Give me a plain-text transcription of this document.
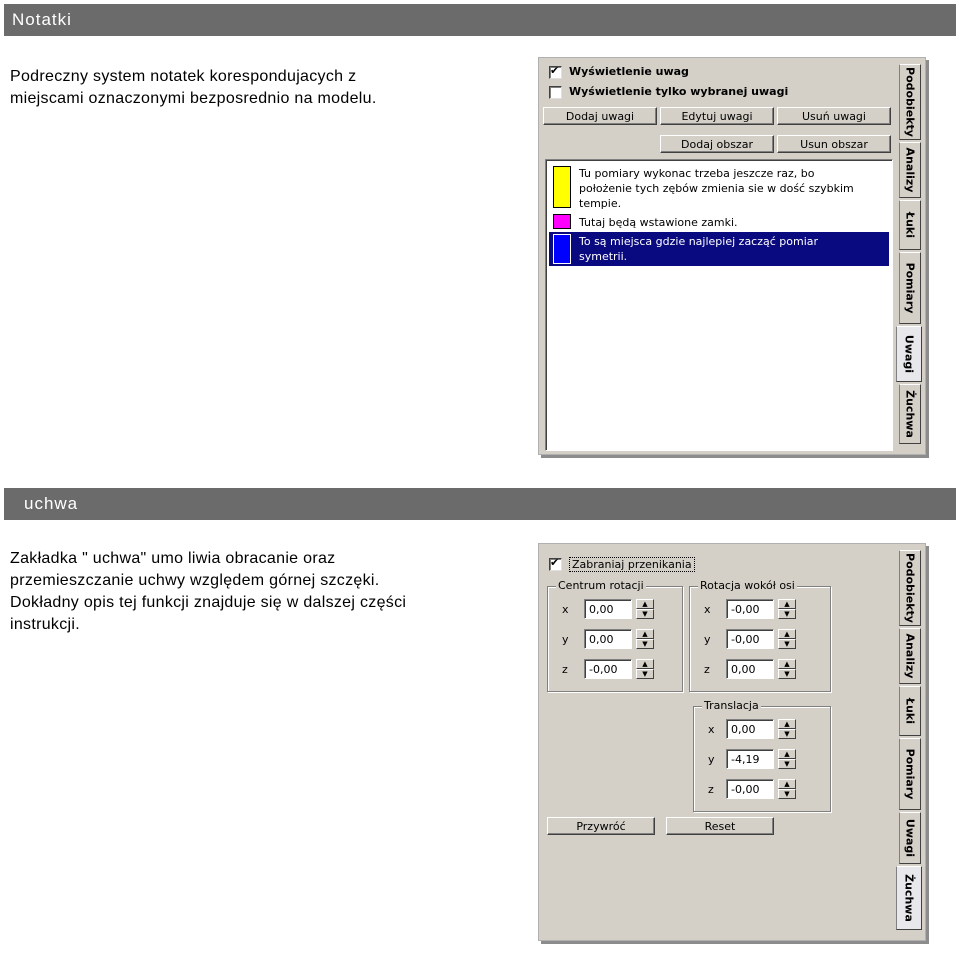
Notatki
Podreczny system notatek korespondujacych z
miejscami oznaczonymi bezposrednio na modelu.
✔
Wyświetlenie uwag
Wyświetlenie tylko wybranej uwagi
Dodaj uwagi	Edytuj uwagi	Usuń uwagi
Dodaj obszar	Usun obszar
Tu pomiary wykonac trzeba jeszcze raz, bo
położenie tych zębów zmienia sie w dość szybkim
tempie.
Tutaj będą wstawione zamki.
To są miejsca gdzie najlepiej zacząć pomiar
symetrii.
Podobiekty
Analizy
Łuki
Pomiary
Uwagi
Żuchwa
uchwa
Zakładka " uchwa" umo liwia obracanie oraz
przemieszczanie uchwy względem górnej szczęki.
Dokładny opis tej funkcji znajduje się w dalszej części
instrukcji.
✔
Zabraniaj przenikania
Centrum rotacji
x 0,00	▲
▼
y 0,00	▲
▼
z -0,00	▲
▼
Rotacja wokół osi
x -0,00	▲
▼
y -0,00	▲
▼
z 0,00	▲
▼
Translacja
x 0,00	▲
▼
y -4,19	▲
▼
z -0,00	▲
▼
Przywróć	Reset
Podobiekty
Analizy
Łuki
Pomiary
Uwagi
Żuchwa
